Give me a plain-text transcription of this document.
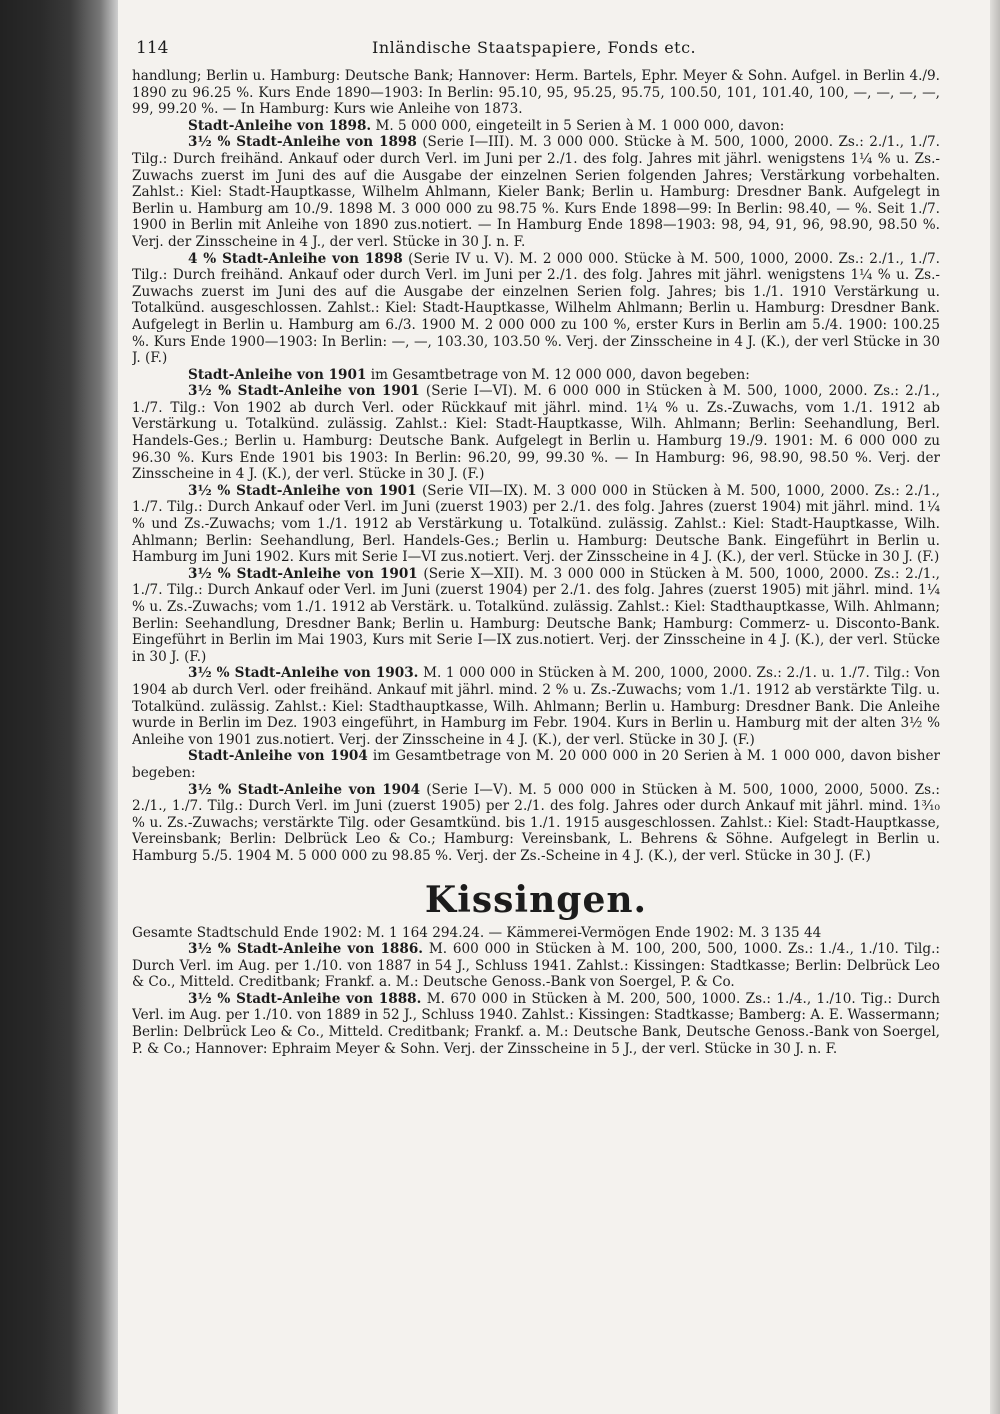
114	Inländische Staatspapiere, Fonds etc.

handlung; Berlin u. Hamburg: Deutsche Bank; Hannover: Herm. Bartels, Ephr. Meyer & Sohn. Aufgel. in Berlin 4./9. 1890 zu 96.25 %. Kurs Ende 1890—1903: In Berlin: 95.10, 95, 95.25, 95.75, 100.50, 101, 101.40, 100, —, —, —, —, 99, 99.20 %. — In Hamburg: Kurs wie Anleihe von 1873.

Stadt-Anleihe von 1898. M. 5 000 000, eingeteilt in 5 Serien à M. 1 000 000, davon:

3½ % Stadt-Anleihe von 1898 (Serie I—III). M. 3 000 000. Stücke à M. 500, 1000, 2000. Zs.: 2./1., 1./7. Tilg.: Durch freihänd. Ankauf oder durch Verl. im Juni per 2./1. des folg. Jahres mit jährl. wenigstens 1¼ % u. Zs.-Zuwachs zuerst im Juni des auf die Ausgabe der einzelnen Serien folgenden Jahres; Verstärkung vorbehalten. Zahlst.: Kiel: Stadt-Hauptkasse, Wilhelm Ahlmann, Kieler Bank; Berlin u. Hamburg: Dresdner Bank. Aufgelegt in Berlin u. Hamburg am 10./9. 1898 M. 3 000 000 zu 98.75 %. Kurs Ende 1898—99: In Berlin: 98.40, — %. Seit 1./7. 1900 in Berlin mit Anleihe von 1890 zus.notiert. — In Hamburg Ende 1898—1903: 98, 94, 91, 96, 98.90, 98.50 %. Verj. der Zinsscheine in 4 J., der verl. Stücke in 30 J. n. F.

4 % Stadt-Anleihe von 1898 (Serie IV u. V). M. 2 000 000. Stücke à M. 500, 1000, 2000. Zs.: 2./1., 1./7. Tilg.: Durch freihänd. Ankauf oder durch Verl. im Juni per 2./1. des folg. Jahres mit jährl. wenigstens 1¼ % u. Zs.-Zuwachs zuerst im Juni des auf die Ausgabe der einzelnen Serien folg. Jahres; bis 1./1. 1910 Verstärkung u. Totalkünd. ausgeschlossen. Zahlst.: Kiel: Stadt-Hauptkasse, Wilhelm Ahlmann; Berlin u. Hamburg: Dresdner Bank. Aufgelegt in Berlin u. Hamburg am 6./3. 1900 M. 2 000 000 zu 100 %, erster Kurs in Berlin am 5./4. 1900: 100.25 %. Kurs Ende 1900—1903: In Berlin: —, —, 103.30, 103.50 %. Verj. der Zinsscheine in 4 J. (K.), der verl Stücke in 30 J. (F.)

Stadt-Anleihe von 1901 im Gesamtbetrage von M. 12 000 000, davon begeben:

3½ % Stadt-Anleihe von 1901 (Serie I—VI). M. 6 000 000 in Stücken à M. 500, 1000, 2000. Zs.: 2./1., 1./7. Tilg.: Von 1902 ab durch Verl. oder Rückkauf mit jährl. mind. 1¼ % u. Zs.-Zuwachs, vom 1./1. 1912 ab Verstärkung u. Totalkünd. zulässig. Zahlst.: Kiel: Stadt-Hauptkasse, Wilh. Ahlmann; Berlin: Seehandlung, Berl. Handels-Ges.; Berlin u. Hamburg: Deutsche Bank. Aufgelegt in Berlin u. Hamburg 19./9. 1901: M. 6 000 000 zu 96.30 %. Kurs Ende 1901 bis 1903: In Berlin: 96.20, 99, 99.30 %. — In Hamburg: 96, 98.90, 98.50 %. Verj. der Zinsscheine in 4 J. (K.), der verl. Stücke in 30 J. (F.)

3½ % Stadt-Anleihe von 1901 (Serie VII—IX). M. 3 000 000 in Stücken à M. 500, 1000, 2000. Zs.: 2./1., 1./7. Tilg.: Durch Ankauf oder Verl. im Juni (zuerst 1903) per 2./1. des folg. Jahres (zuerst 1904) mit jährl. mind. 1¼ % und Zs.-Zuwachs; vom 1./1. 1912 ab Verstärkung u. Totalkünd. zulässig. Zahlst.: Kiel: Stadt-Hauptkasse, Wilh. Ahlmann; Berlin: Seehandlung, Berl. Handels-Ges.; Berlin u. Hamburg: Deutsche Bank. Eingeführt in Berlin u. Hamburg im Juni 1902. Kurs mit Serie I—VI zus.notiert. Verj. der Zinsscheine in 4 J. (K.), der verl. Stücke in 30 J. (F.)

3½ % Stadt-Anleihe von 1901 (Serie X—XII). M. 3 000 000 in Stücken à M. 500, 1000, 2000. Zs.: 2./1., 1./7. Tilg.: Durch Ankauf oder Verl. im Juni (zuerst 1904) per 2./1. des folg. Jahres (zuerst 1905) mit jährl. mind. 1¼ % u. Zs.-Zuwachs; vom 1./1. 1912 ab Verstärk. u. Totalkünd. zulässig. Zahlst.: Kiel: Stadthauptkasse, Wilh. Ahlmann; Berlin: Seehandlung, Dresdner Bank; Berlin u. Hamburg: Deutsche Bank; Hamburg: Commerz- u. Disconto-Bank. Eingeführt in Berlin im Mai 1903, Kurs mit Serie I—IX zus.notiert. Verj. der Zinsscheine in 4 J. (K.), der verl. Stücke in 30 J. (F.)

3½ % Stadt-Anleihe von 1903. M. 1 000 000 in Stücken à M. 200, 1000, 2000. Zs.: 2./1. u. 1./7. Tilg.: Von 1904 ab durch Verl. oder freihänd. Ankauf mit jährl. mind. 2 % u. Zs.-Zuwachs; vom 1./1. 1912 ab verstärkte Tilg. u. Totalkünd. zulässig. Zahlst.: Kiel: Stadthauptkasse, Wilh. Ahlmann; Berlin u. Hamburg: Dresdner Bank. Die Anleihe wurde in Berlin im Dez. 1903 eingeführt, in Hamburg im Febr. 1904. Kurs in Berlin u. Hamburg mit der alten 3½ % Anleihe von 1901 zus.notiert. Verj. der Zinsscheine in 4 J. (K.), der verl. Stücke in 30 J. (F.)

Stadt-Anleihe von 1904 im Gesamtbetrage von M. 20 000 000 in 20 Serien à M. 1 000 000, davon bisher begeben:

3½ % Stadt-Anleihe von 1904 (Serie I—V). M. 5 000 000 in Stücken à M. 500, 1000, 2000, 5000. Zs.: 2./1., 1./7. Tilg.: Durch Verl. im Juni (zuerst 1905) per 2./1. des folg. Jahres oder durch Ankauf mit jährl. mind. 1³⁄₁₀ % u. Zs.-Zuwachs; verstärkte Tilg. oder Gesamtkünd. bis 1./1. 1915 ausgeschlossen. Zahlst.: Kiel: Stadt-Hauptkasse, Vereinsbank; Berlin: Delbrück Leo & Co.; Hamburg: Vereinsbank, L. Behrens & Söhne. Aufgelegt in Berlin u. Hamburg 5./5. 1904 M. 5 000 000 zu 98.85 %. Verj. der Zs.-Scheine in 4 J. (K.), der verl. Stücke in 30 J. (F.)

Kissingen.

Gesamte Stadtschuld Ende 1902: M. 1 164 294.24. — Kämmerei-Vermögen Ende 1902: M. 3 135 44

3½ % Stadt-Anleihe von 1886. M. 600 000 in Stücken à M. 100, 200, 500, 1000. Zs.: 1./4., 1./10. Tilg.: Durch Verl. im Aug. per 1./10. von 1887 in 54 J., Schluss 1941. Zahlst.: Kissingen: Stadtkasse; Berlin: Delbrück Leo & Co., Mitteld. Creditbank; Frankf. a. M.: Deutsche Genoss.-Bank von Soergel, P. & Co.

3½ % Stadt-Anleihe von 1888. M. 670 000 in Stücken à M. 200, 500, 1000. Zs.: 1./4., 1./10. Tig.: Durch Verl. im Aug. per 1./10. von 1889 in 52 J., Schluss 1940. Zahlst.: Kissingen: Stadtkasse; Bamberg: A. E. Wassermann; Berlin: Delbrück Leo & Co., Mitteld. Creditbank; Frankf. a. M.: Deutsche Bank, Deutsche Genoss.-Bank von Soergel, P. & Co.; Hannover: Ephraim Meyer & Sohn. Verj. der Zinsscheine in 5 J., der verl. Stücke in 30 J. n. F.
